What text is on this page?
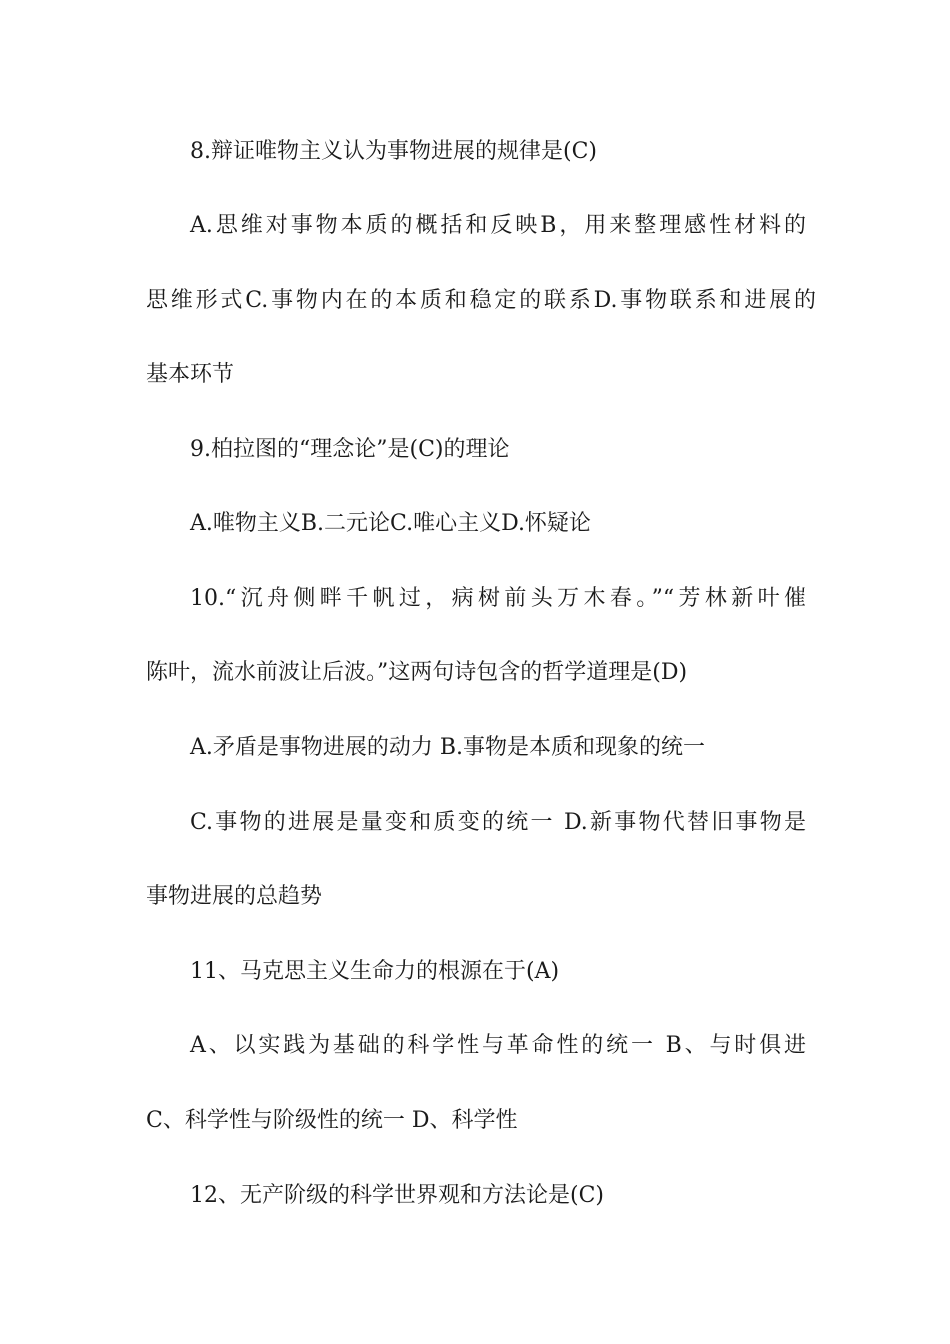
8.辩证唯物主义认为事物进展的规律是(C)
A.思维对事物本质的概括和反映B，用来整理感性材料的
思维形式C.事物内在的本质和稳定的联系D.事物联系和进展的
基本环节
9.柏拉图的“理念论”是(C)的理论
A.唯物主义B.二元论C.唯心主义D.怀疑论
10.“沉舟侧畔千帆过，病树前头万木春。”“芳林新叶催
陈叶，流水前波让后波。”这两句诗包含的哲学道理是(D)
A.矛盾是事物进展的动力 B.事物是本质和现象的统一
C.事物的进展是量变和质变的统一 D.新事物代替旧事物是
事物进展的总趋势
11、马克思主义生命力的根源在于(A)
A、以实践为基础的科学性与革命性的统一 B、与时俱进
C、科学性与阶级性的统一 D、科学性
12、无产阶级的科学世界观和方法论是(C)
